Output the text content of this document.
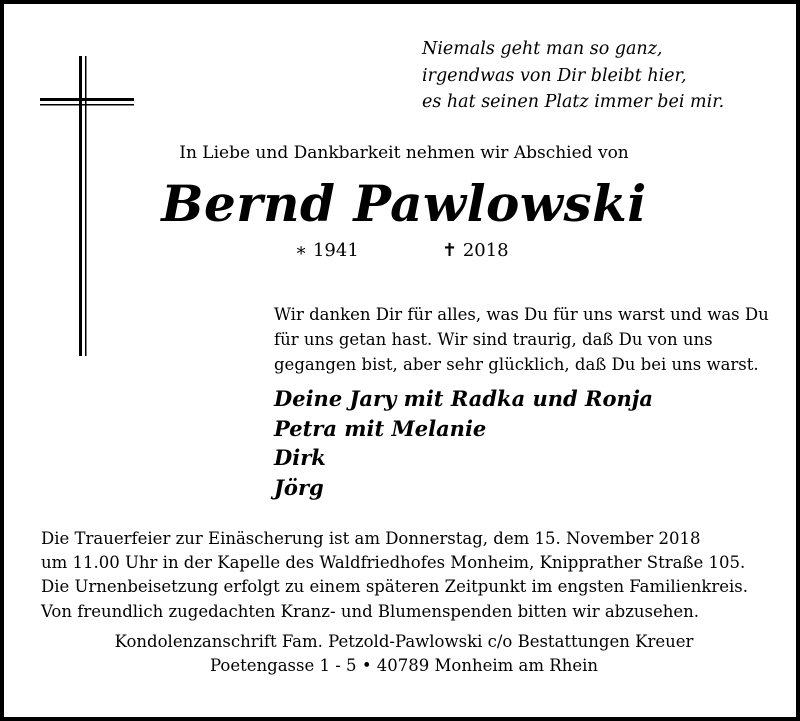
Niemals geht man so ganz,
irgendwas von Dir bleibt hier,
es hat seinen Platz immer bei mir.
In Liebe und Dankbarkeit nehmen wir Abschied von
Bernd Pawlowski
∗ 1941	✝ 2018
Wir danken Dir für alles, was Du für uns warst und was Du
für uns getan hast. Wir sind traurig, daß Du von uns
gegangen bist, aber sehr glücklich, daß Du bei uns warst.
Deine Jary mit Radka und Ronja
Petra mit Melanie
Dirk
Jörg
Die Trauerfeier zur Einäscherung ist am Donnerstag, dem 15. November 2018
um 11.00 Uhr in der Kapelle des Waldfriedhofes Monheim, Knipprather Straße 105.
Die Urnenbeisetzung erfolgt zu einem späteren Zeitpunkt im engsten Familienkreis.
Von freundlich zugedachten Kranz- und Blumenspenden bitten wir abzusehen.
Kondolenzanschrift Fam. Petzold-Pawlowski c/o Bestattungen Kreuer
Poetengasse 1 - 5 • 40789 Monheim am Rhein
